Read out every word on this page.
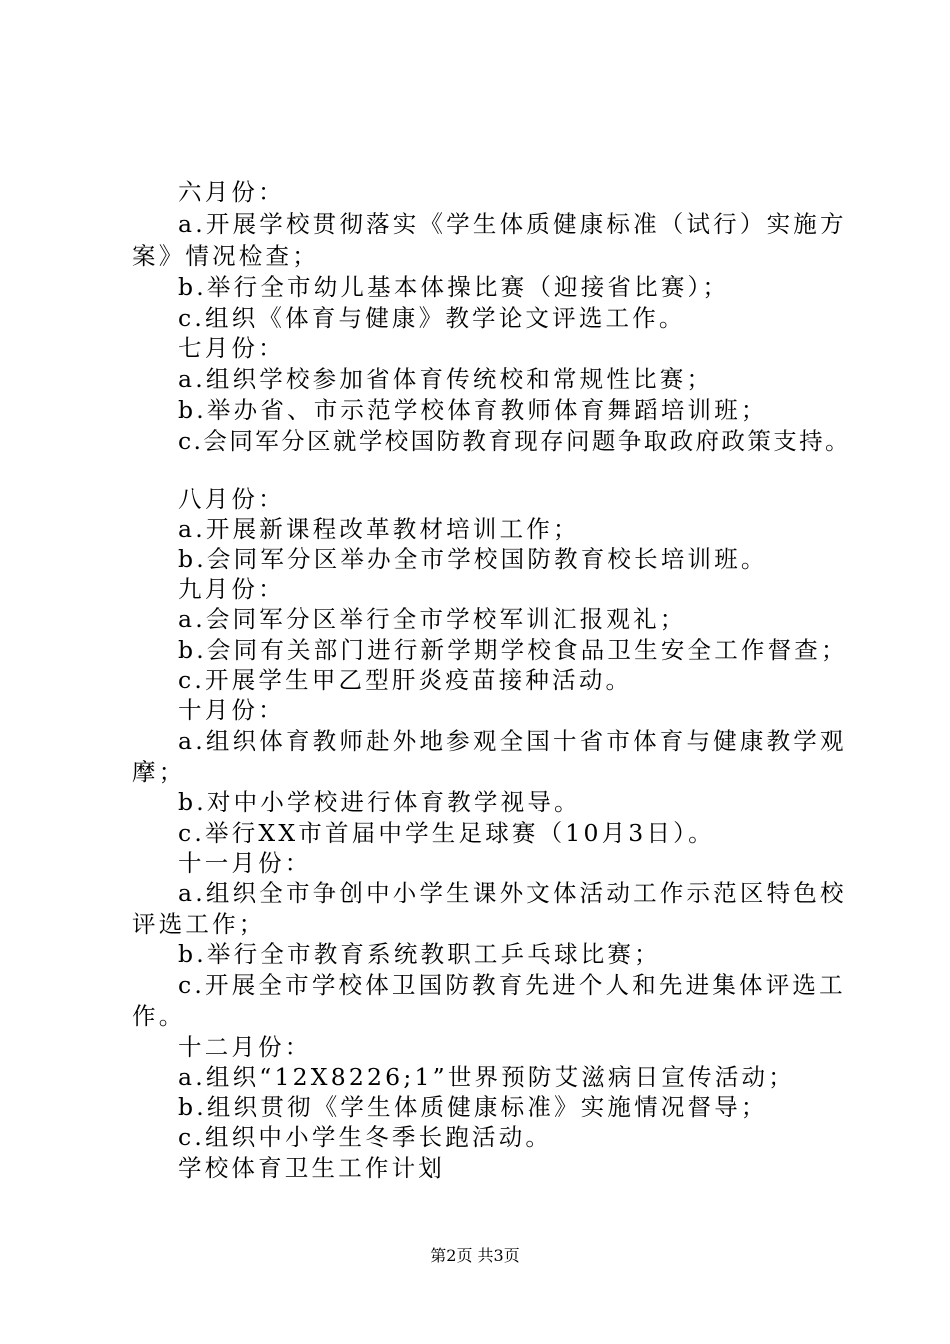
六月份：
a.开展学校贯彻落实《学生体质健康标准（试行）实施方
案》情况检查；
b.举行全市幼儿基本体操比赛（迎接省比赛）；
c.组织《体育与健康》教学论文评选工作。
七月份：
a.组织学校参加省体育传统校和常规性比赛；
b.举办省、市示范学校体育教师体育舞蹈培训班；
c.会同军分区就学校国防教育现存问题争取政府政策支持。
八月份：
a.开展新课程改革教材培训工作；
b.会同军分区举办全市学校国防教育校长培训班。
九月份：
a.会同军分区举行全市学校军训汇报观礼；
b.会同有关部门进行新学期学校食品卫生安全工作督查；
c.开展学生甲乙型肝炎疫苗接种活动。
十月份：
a.组织体育教师赴外地参观全国十省市体育与健康教学观
摩；
b.对中小学校进行体育教学视导。
c.举行XX市首届中学生足球赛（10月3日）。
十一月份：
a.组织全市争创中小学生课外文体活动工作示范区特色校
评选工作；
b.举行全市教育系统教职工乒乓球比赛；
c.开展全市学校体卫国防教育先进个人和先进集体评选工
作。
十二月份：
a.组织“12X8226;1”世界预防艾滋病日宣传活动；
b.组织贯彻《学生体质健康标准》实施情况督导；
c.组织中小学生冬季长跑活动。
学校体育卫生工作计划
第2页 共3页
